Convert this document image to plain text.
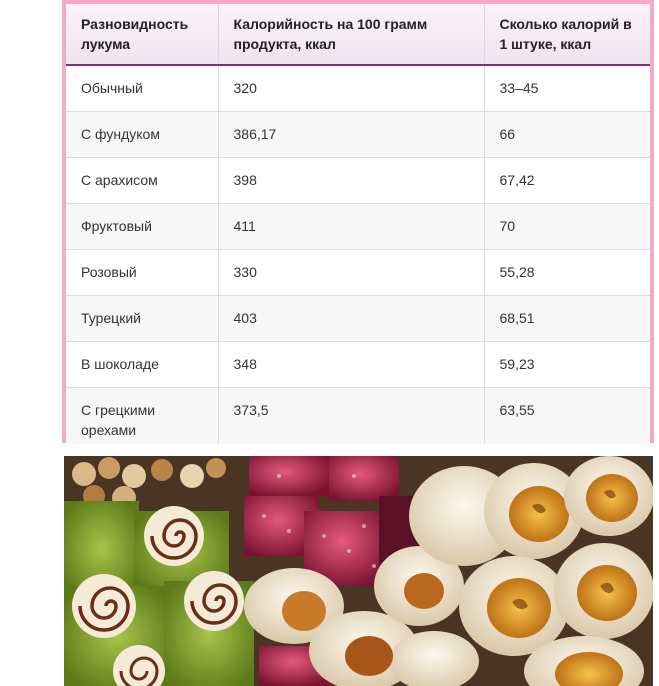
Разновидность лукума	Калорийность на 100 грамм продукта, ккал	Сколько калорий в 1 штуке, ккал
Обычный	320	33–45
С фундуком	386,17	66
С арахисом	398	67,42
Фруктовый	411	70
Розовый	330	55,28
Турецкий	403	68,51
В шоколаде	348	59,23
С грецкими орехами	373,5	63,55
